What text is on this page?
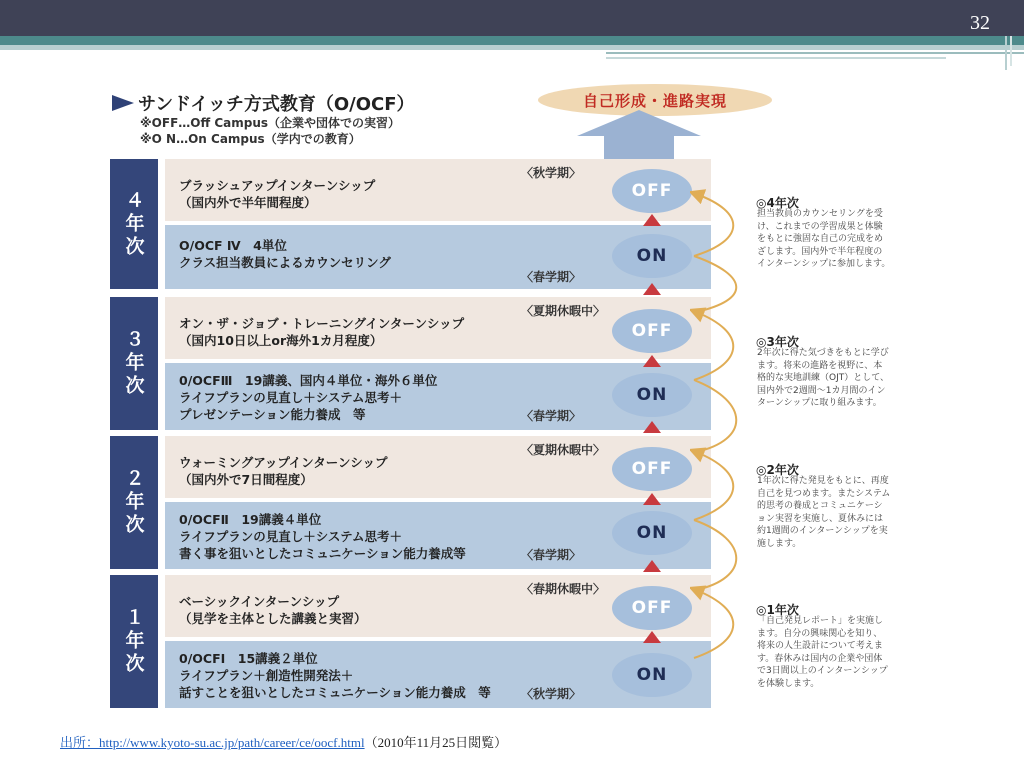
32
サンドイッチ方式教育（O/OCF）
※OFF…Off Campus（企業や団体での実習）
※O N…On Campus（学内での教育）
自己形成・進路実現
４年次
〈秋学期〉
ブラッシュアップインターンシップ
（国内外で半年間程度）
O/OCF Ⅳ　4単位
クラス担当教員によるカウンセリング
〈春学期〉
３年次
〈夏期休暇中〉
オン・ザ・ジョブ・トレーニングインターンシップ
（国内10日以上or海外1カ月程度）
0/OCFⅢ　19講義、国内４単位・海外６単位
ライフプランの見直し＋システム思考＋
プレゼンテーション能力養成　等	〈春学期〉
２年次
〈夏期休暇中〉
ウォーミングアップインターンシップ
（国内外で7日間程度）
0/OCFⅡ　19講義４単位
ライフプランの見直し＋システム思考＋
書く事を狙いとしたコミュニケーション能力養成等	〈春学期〉
１年次
〈春期休暇中〉
ベーシックインターンシップ
（見学を主体とした講義と実習）
0/OCFⅠ　15講義２単位
ライフプラン＋創造性開発法＋
話すことを狙いとしたコミュニケーション能力養成　等	〈秋学期〉
OFF
ON
OFF
ON
OFF
ON
OFF
ON
◎4年次
担当教員のカウンセリングを受け、これまでの学習成果と体験をもとに強固な自己の完成をめざします。国内外で半年程度のインターンシップに参加します。
◎3年次
2年次に得た気づきをもとに学びます。将来の進路を視野に、本格的な実地訓練（OJT）として、国内外で2週間～1カ月間のインターンシップに取り組みます。
◎2年次
1年次に得た発見をもとに、再度自己を見つめます。またシステム的思考の養成とコミュニケーション実習を実施し、夏休みには約1週間のインターンシップを実施します。
◎1年次
「自己発見レポート」を実施します。自分の興味関心を知り、将来の人生設計について考えます。春休みは国内の企業や団体で3日間以上のインターンシップを体験します。
出所：http://www.kyoto-su.ac.jp/path/career/ce/oocf.html（2010年11月25日閲覧）
